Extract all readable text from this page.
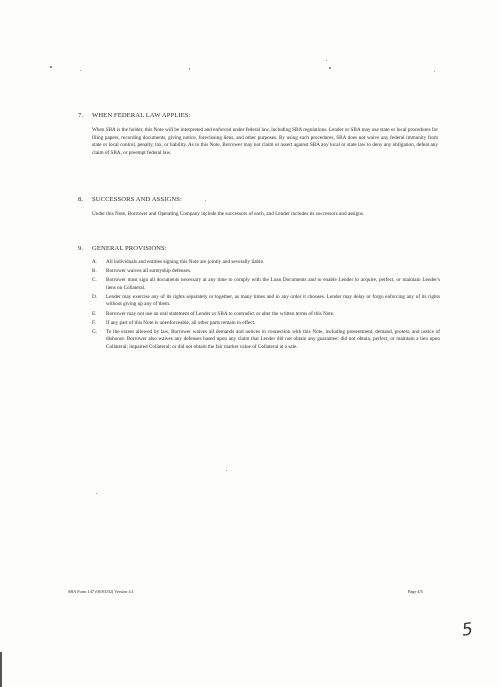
7. WHEN FEDERAL LAW APPLIES:

When SBA is the holder, this Note will be interpreted and enforced under federal law, including SBA regulations. Lender or SBA may use state or local procedures for filing papers, recording documents, giving notice, foreclosing liens, and other purposes. By using such procedures, SBA does not waive any federal immunity from state or local control, penalty, tax, or liability. As to this Note, Borrower may not claim or assert against SBA any local or state law to deny any obligation, defeat any claim of SBA, or preempt federal law.

8. SUCCESSORS AND ASSIGNS:

Under this Note, Borrower and Operating Company include the successors of each, and Lender includes its successors and assigns.

9. GENERAL PROVISIONS:
A. All individuals and entities signing this Note are jointly and severally liable.
B. Borrower waives all suretyship defenses.
C. Borrower must sign all documents necessary at any time to comply with the Loan Documents and to enable Lender to acquire, perfect, or maintain Lender's liens on Collateral.
D. Lender may exercise any of its rights separately or together, as many times and in any order it chooses. Lender may delay or forgo enforcing any of its rights without giving up any of them.
E. Borrower may not use an oral statement of Lender or SBA to contradict or alter the written terms of this Note.
F. If any part of this Note is unenforceable, all other parts remain in effect.
G. To the extent allowed by law, Borrower waives all demands and notices in connection with this Note, including presentment, demand, protest, and notice of dishonor. Borrower also waives any defenses based upon any claim that Lender did not obtain any guarantee; did not obtain, perfect, or maintain a lien upon Collateral; impaired Collateral; or did not obtain the fair market value of Collateral at a sale.
SBA Form 147 (06/03/02) Version 4.1	Page 4/5
5
